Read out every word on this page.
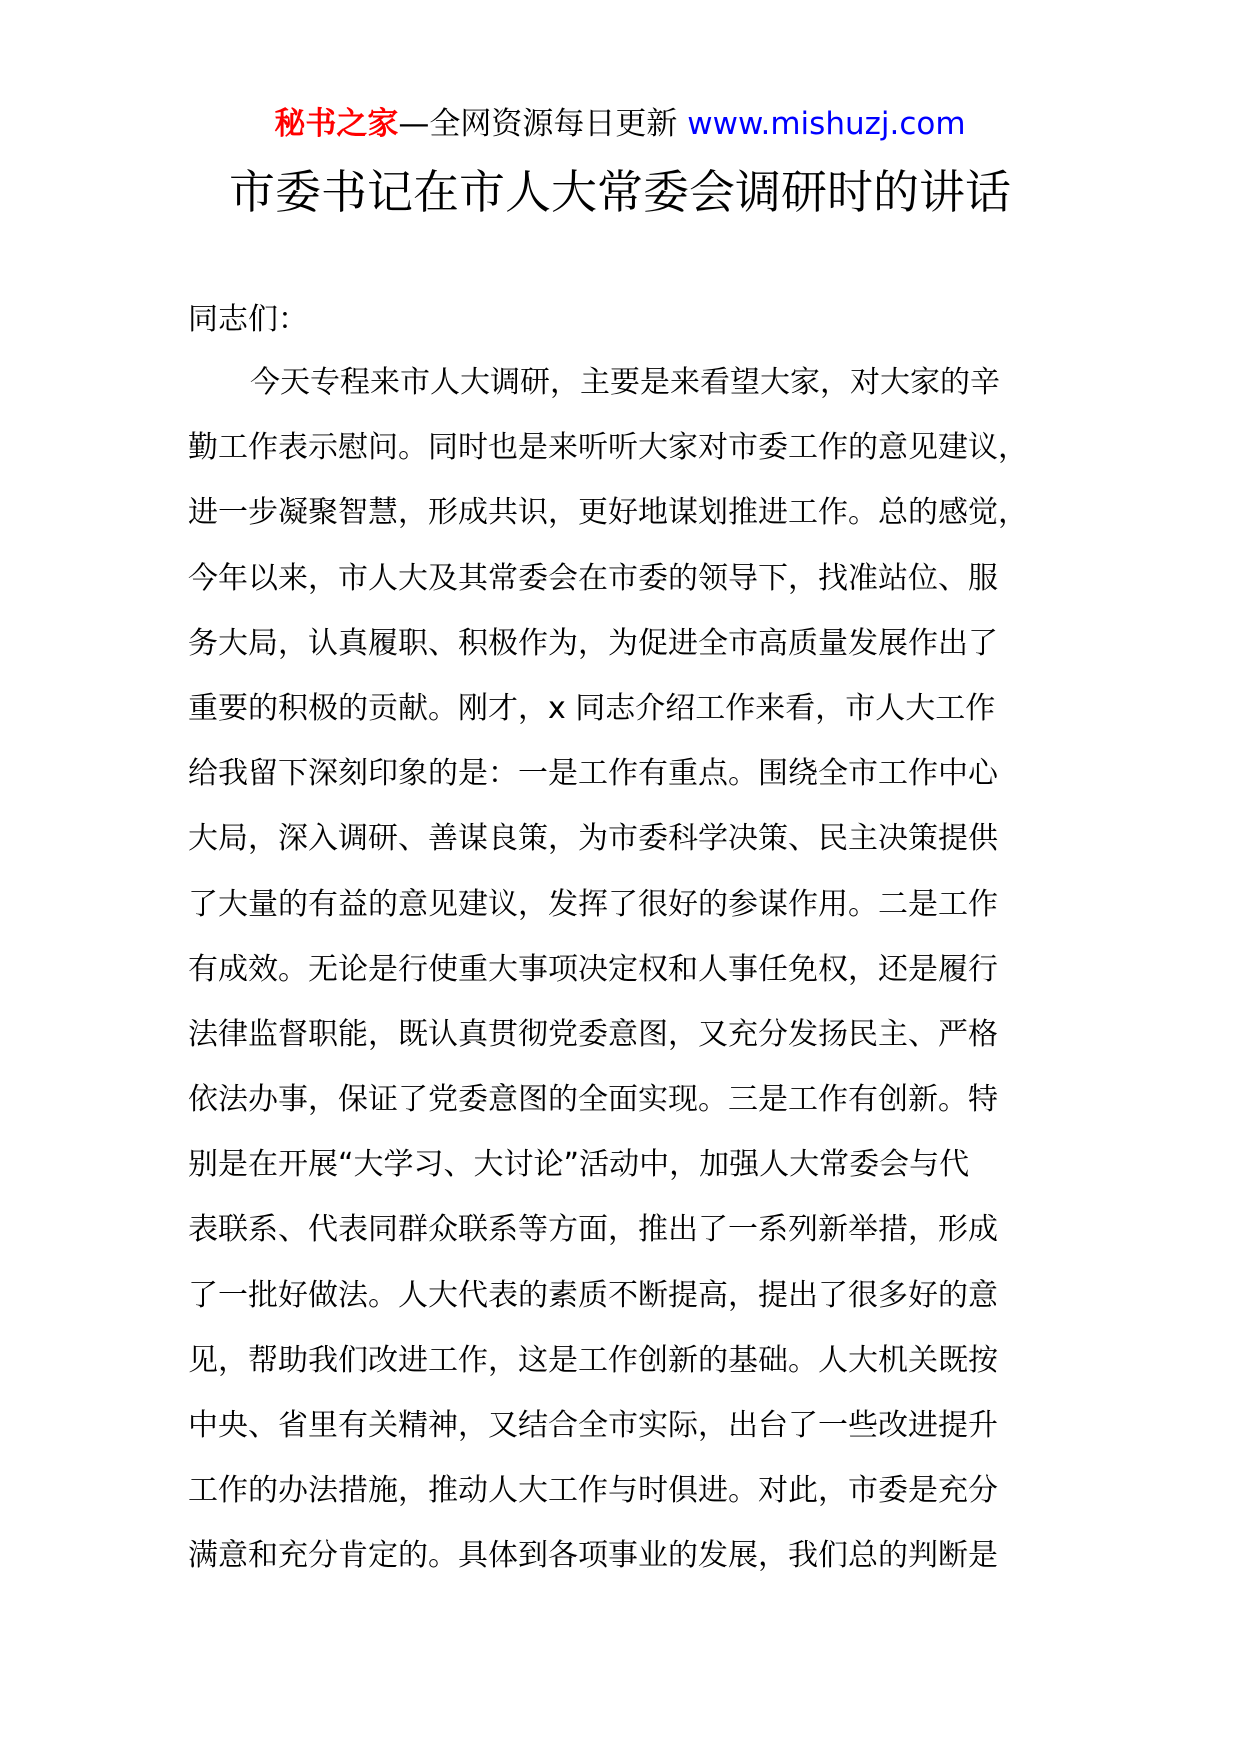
秘书之家—全网资源每日更新 www.mishuzj.com
市委书记在市人大常委会调研时的讲话

同志们：

今天专程来市人大调研，主要是来看望大家，对大家的辛
勤工作表示慰问。同时也是来听听大家对市委工作的意见建议，
进一步凝聚智慧，形成共识，更好地谋划推进工作。总的感觉，
今年以来，市人大及其常委会在市委的领导下，找准站位、服
务大局，认真履职、积极作为，为促进全市高质量发展作出了
重要的积极的贡献。刚才，x 同志介绍工作来看，市人大工作
给我留下深刻印象的是：一是工作有重点。围绕全市工作中心
大局，深入调研、善谋良策，为市委科学决策、民主决策提供
了大量的有益的意见建议，发挥了很好的参谋作用。二是工作
有成效。无论是行使重大事项决定权和人事任免权，还是履行
法律监督职能，既认真贯彻党委意图，又充分发扬民主、严格
依法办事，保证了党委意图的全面实现。三是工作有创新。特
别是在开展“大学习、大讨论”活动中，加强人大常委会与代
表联系、代表同群众联系等方面，推出了一系列新举措，形成
了一批好做法。人大代表的素质不断提高，提出了很多好的意
见，帮助我们改进工作，这是工作创新的基础。人大机关既按
中央、省里有关精神，又结合全市实际，出台了一些改进提升
工作的办法措施，推动人大工作与时俱进。对此，市委是充分
满意和充分肯定的。具体到各项事业的发展，我们总的判断是
